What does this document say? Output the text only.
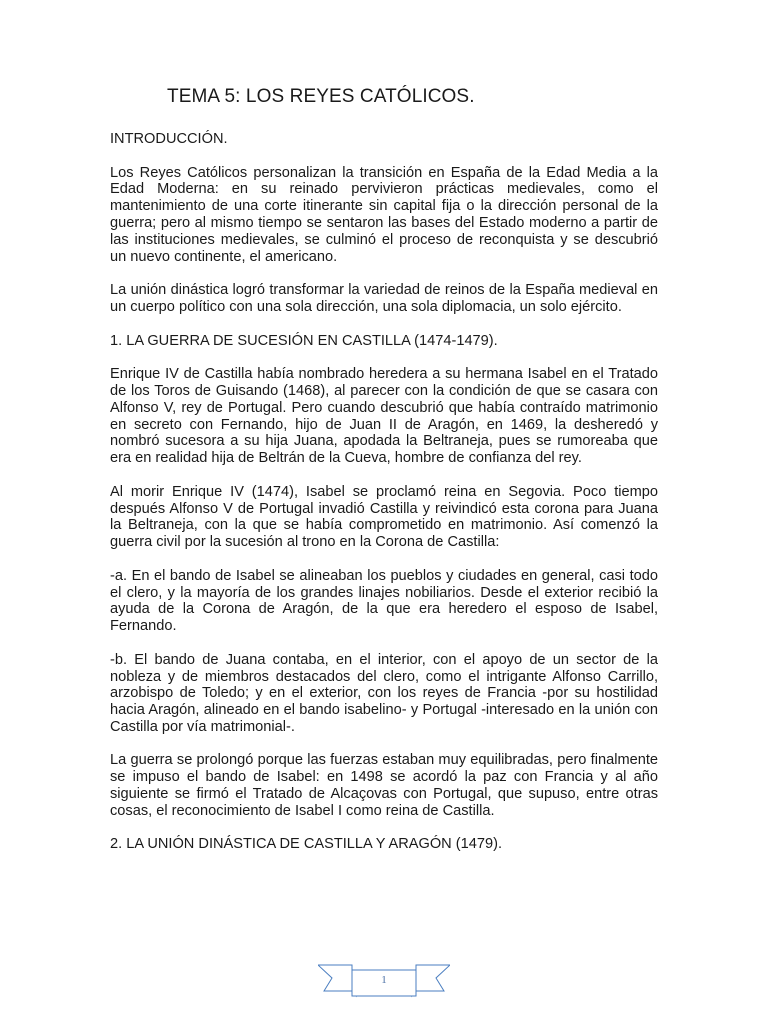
TEMA 5: LOS REYES CATÓLICOS.

INTRODUCCIÓN.

Los Reyes Católicos personalizan la transición en España de la Edad Media a la Edad Moderna: en su reinado pervivieron prácticas medievales, como el mantenimiento de una corte itinerante sin capital fija o la dirección personal de la guerra; pero al mismo tiempo se sentaron las bases del Estado moderno a partir de las instituciones medievales, se culminó el proceso de reconquista y se descubrió un nuevo continente, el americano.

La unión dinástica logró transformar la variedad de reinos de la España medieval en un cuerpo político con una sola dirección, una sola diplomacia, un solo ejército.

1. LA GUERRA DE SUCESIÓN EN CASTILLA (1474-1479).

Enrique IV de Castilla había nombrado heredera a su hermana Isabel en el Tratado de los Toros de Guisando (1468), al parecer con la condición de que se casara con Alfonso V, rey de Portugal. Pero cuando descubrió que había contraído matrimonio en secreto con Fernando, hijo de Juan II de Aragón, en 1469, la desheredó y nombró sucesora a su hija Juana, apodada la Beltraneja, pues se rumoreaba que era en realidad hija de Beltrán de la Cueva, hombre de confianza del rey.

Al morir Enrique IV (1474), Isabel se proclamó reina en Segovia. Poco tiempo después Alfonso V de Portugal invadió Castilla y reivindicó esta corona para Juana la Beltraneja, con la que se había comprometido en matrimonio. Así comenzó la guerra civil por la sucesión al trono en la Corona de Castilla:

-a. En el bando de Isabel se alineaban los pueblos y ciudades en general, casi todo el clero, y la mayoría de los grandes linajes nobiliarios. Desde el exterior recibió la ayuda de la Corona de Aragón, de la que era heredero el esposo de Isabel, Fernando.

-b. El bando de Juana contaba, en el interior, con el apoyo de un sector de la nobleza y de miembros destacados del clero, como el intrigante Alfonso Carrillo, arzobispo de Toledo; y en el exterior, con los reyes de Francia -por su hostilidad hacia Aragón, alineado en el bando isabelino- y Portugal -interesado en la unión con Castilla por vía matrimonial-.

La guerra se prolongó porque las fuerzas estaban muy equilibradas, pero finalmente se impuso el bando de Isabel: en 1498 se acordó la paz con Francia y al año siguiente se firmó el Tratado de Alcaçovas con Portugal, que supuso, entre otras cosas, el reconocimiento de Isabel I como reina de Castilla.

2. LA UNIÓN DINÁSTICA DE CASTILLA Y ARAGÓN (1479).

1
